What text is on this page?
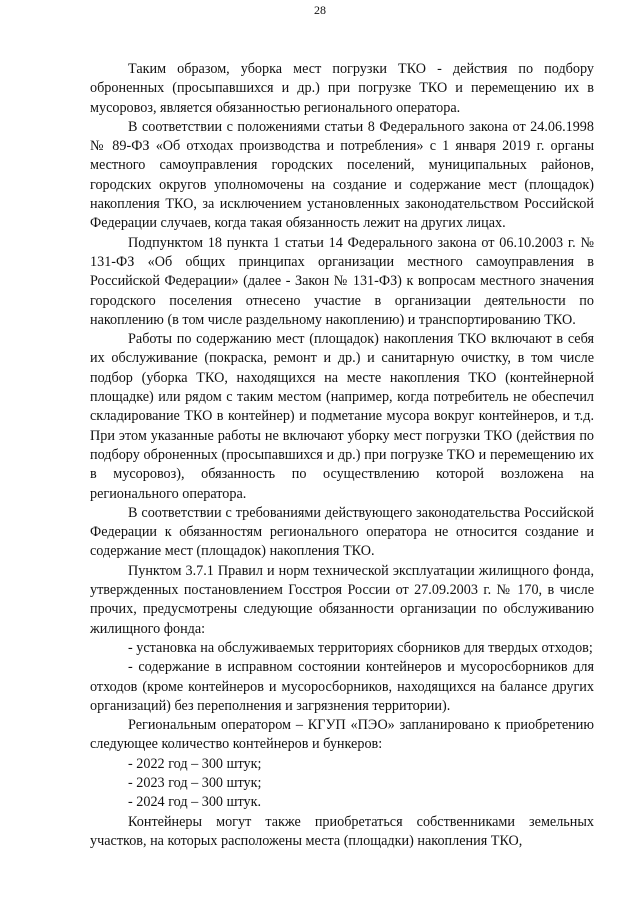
28

Таким образом, уборка мест погрузки ТКО - действия по подбору оброненных (просыпавшихся и др.) при погрузке ТКО и перемещению их в мусоровоз, является обязанностью регионального оператора.

В соответствии с положениями статьи 8 Федерального закона от 24.06.1998 № 89-ФЗ «Об отходах производства и потребления» с 1 января 2019 г. органы местного самоуправления городских поселений, муниципальных районов, городских округов уполномочены на создание и содержание мест (площадок) накопления ТКО, за исключением установленных законодательством Российской Федерации случаев, когда такая обязанность лежит на других лицах.

Подпунктом 18 пункта 1 статьи 14 Федерального закона от 06.10.2003 г. № 131-ФЗ «Об общих принципах организации местного самоуправления в Российской Федерации» (далее - Закон № 131-ФЗ) к вопросам местного значения городского поселения отнесено участие в организации деятельности по накоплению (в том числе раздельному накоплению) и транспортированию ТКО.

Работы по содержанию мест (площадок) накопления ТКО включают в себя их обслуживание (покраска, ремонт и др.) и санитарную очистку, в том числе подбор (уборка ТКО, находящихся на месте накопления ТКО (контейнерной площадке) или рядом с таким местом (например, когда потребитель не обеспечил складирование ТКО в контейнер) и подметание мусора вокруг контейнеров, и т.д. При этом указанные работы не включают уборку мест погрузки ТКО (действия по подбору оброненных (просыпавшихся и др.) при погрузке ТКО и перемещению их в мусоровоз), обязанность по осуществлению которой возложена на регионального оператора.

В соответствии с требованиями действующего законодательства Российской Федерации к обязанностям регионального оператора не относится создание и содержание мест (площадок) накопления ТКО.

Пунктом 3.7.1 Правил и норм технической эксплуатации жилищного фонда, утвержденных постановлением Госстроя России от 27.09.2003 г. № 170, в числе прочих, предусмотрены следующие обязанности организации по обслуживанию жилищного фонда:

- установка на обслуживаемых территориях сборников для твердых отходов;

- содержание в исправном состоянии контейнеров и мусоросборников для отходов (кроме контейнеров и мусоросборников, находящихся на балансе других организаций) без переполнения и загрязнения территории).

Региональным оператором – КГУП «ПЭО» запланировано к приобретению следующее количество контейнеров и бункеров:

- 2022 год – 300 штук;

- 2023 год – 300 штук;

- 2024 год – 300 штук.

Контейнеры могут также приобретаться собственниками земельных участков, на которых расположены места (площадки) накопления ТКО,
